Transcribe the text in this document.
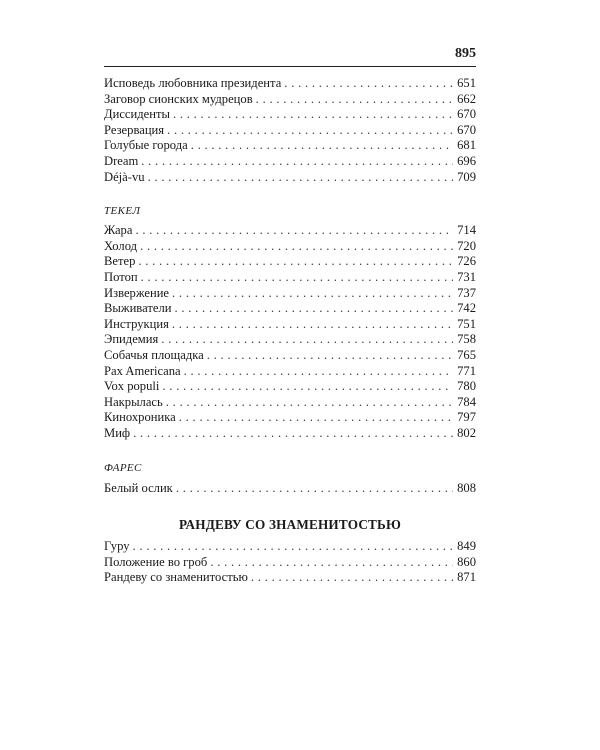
895
Исповедь любовника президента . . .	651
Заговор сионских мудрецов . . .	662
Диссиденты . . .	670
Резервация . . .	670
Голубые города . . .	681
Dream . . .	696
Déjà-vu . . .	709

ТЕКЕЛ

Жара . . .	714
Холод . . .	720
Ветер . . .	726
Потоп . . .	731
Извержение . . .	737
Выживатели . . .	742
Инструкция . . .	751
Эпидемия . . .	758
Собачья площадка . . .	765
Pax Americana . . .	771
Vox populi . . .	780
Накрылась . . .	784
Кинохроника . . .	797
Миф . . .	802

ФАРЕС

Белый ослик . . .	808
РАНДЕВУ СО ЗНАМЕНИТОСТЬЮ
Гуру . . .	849
Положение во гроб . . .	860
Рандеву со знаменитостью . . .	871
